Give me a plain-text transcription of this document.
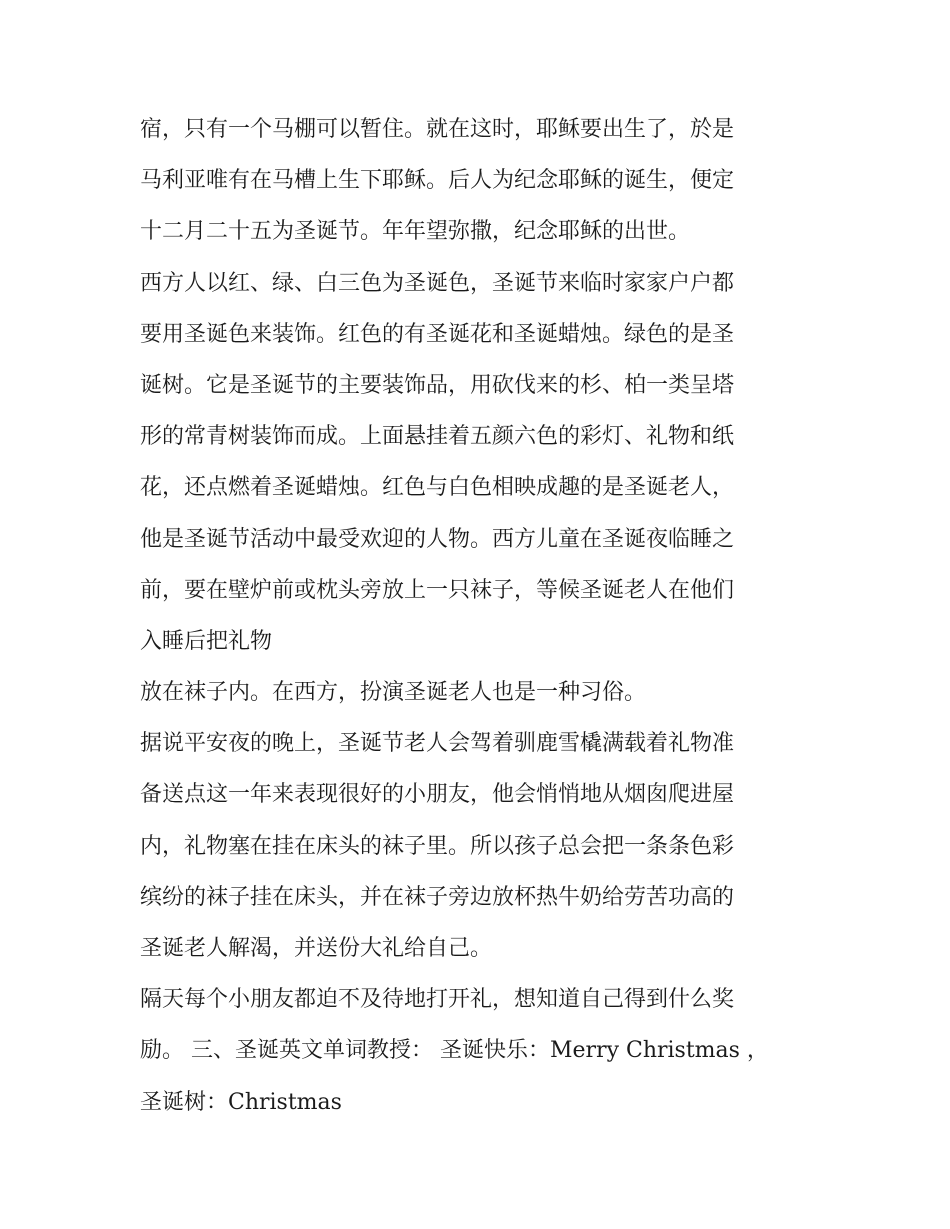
宿，只有一个马棚可以暂住。就在这时，耶稣要出生了，於是
马利亚唯有在马槽上生下耶稣。后人为纪念耶稣的诞生，便定
十二月二十五为圣诞节。年年望弥撒，纪念耶稣的出世。
西方人以红、绿、白三色为圣诞色，圣诞节来临时家家户户都
要用圣诞色来装饰。红色的有圣诞花和圣诞蜡烛。绿色的是圣
诞树。它是圣诞节的主要装饰品，用砍伐来的杉、柏一类呈塔
形的常青树装饰而成。上面悬挂着五颜六色的彩灯、礼物和纸
花，还点燃着圣诞蜡烛。红色与白色相映成趣的是圣诞老人，
他是圣诞节活动中最受欢迎的人物。西方儿童在圣诞夜临睡之
前，要在壁炉前或枕头旁放上一只袜子，等候圣诞老人在他们
入睡后把礼物
放在袜子内。在西方，扮演圣诞老人也是一种习俗。
据说平安夜的晚上，圣诞节老人会驾着驯鹿雪橇满载着礼物准
备送点这一年来表现很好的小朋友，他会悄悄地从烟囱爬进屋
内，礼物塞在挂在床头的袜子里。所以孩子总会把一条条色彩
缤纷的袜子挂在床头，并在袜子旁边放杯热牛奶给劳苦功高的
圣诞老人解渴，并送份大礼给自己。
隔天每个小朋友都迫不及待地打开礼，想知道自己得到什么奖
励。 三、圣诞英文单词教授： 圣诞快乐：Merry Christmas ，
圣诞树：Christmas
